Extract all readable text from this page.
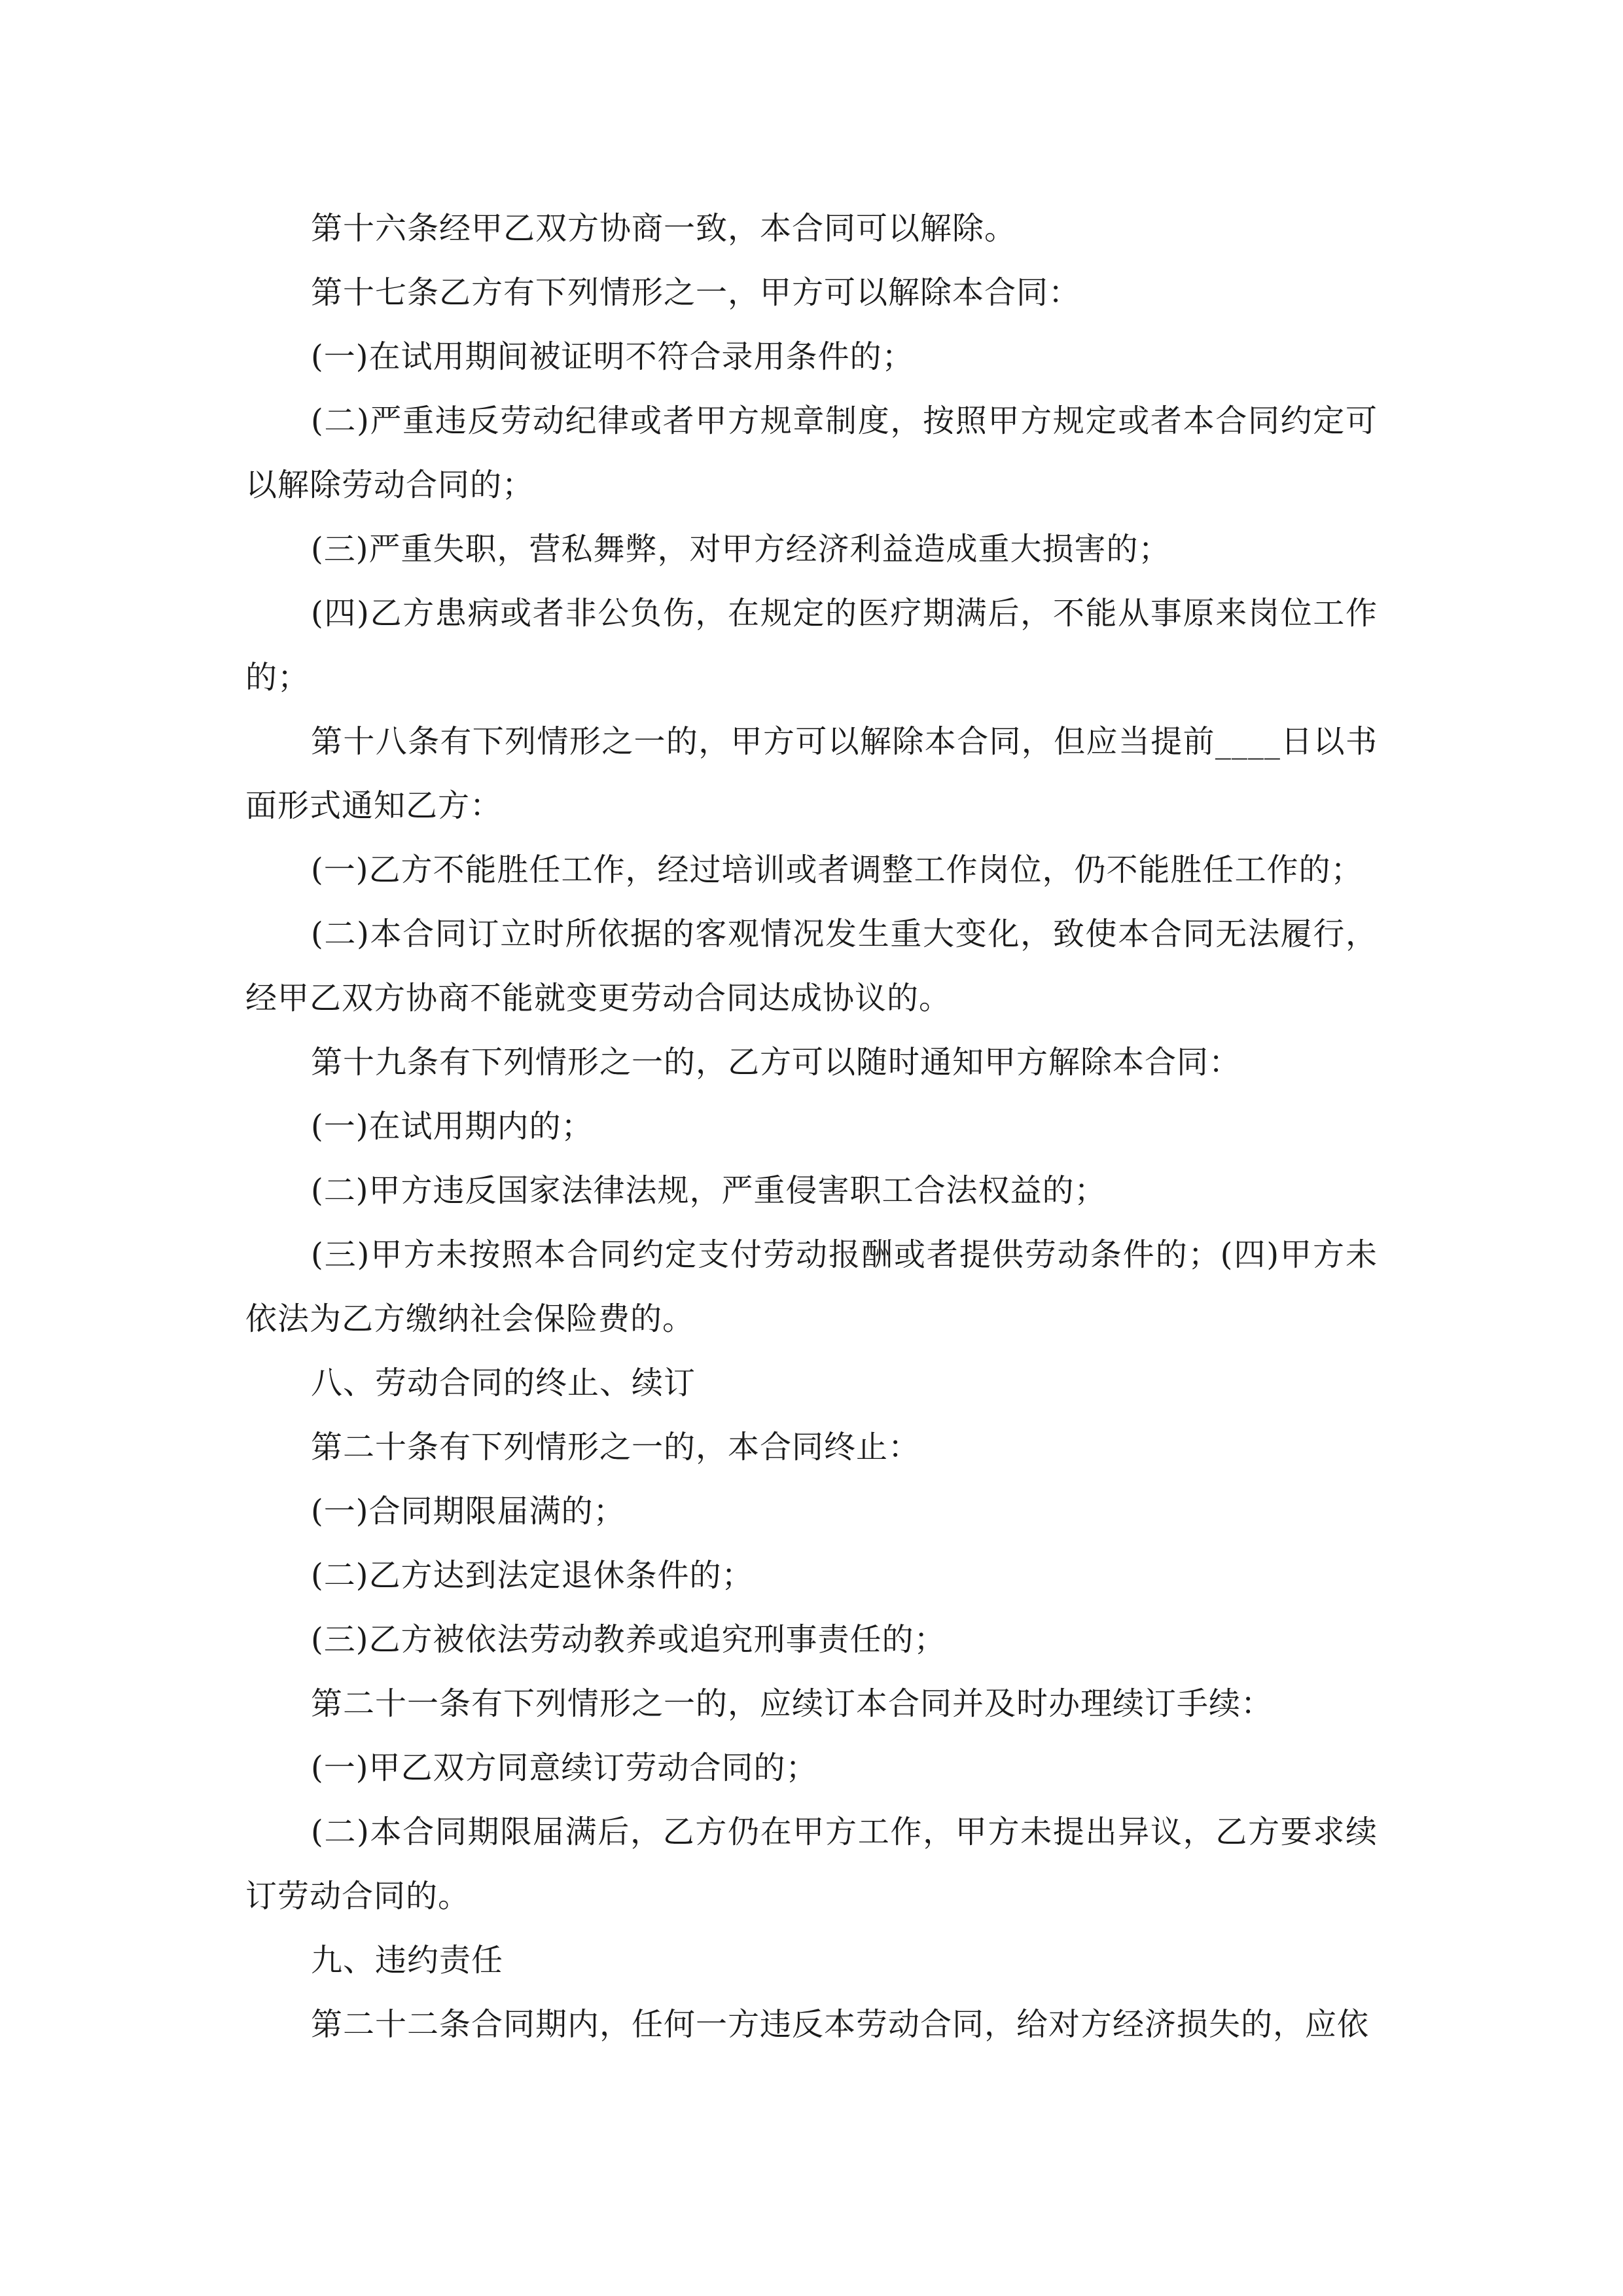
第十六条经甲乙双方协商一致，本合同可以解除。

第十七条乙方有下列情形之一，甲方可以解除本合同：

(一)在试用期间被证明不符合录用条件的；

(二)严重违反劳动纪律或者甲方规章制度，按照甲方规定或者本合同约定可以解除劳动合同的；

(三)严重失职，营私舞弊，对甲方经济利益造成重大损害的；

(四)乙方患病或者非公负伤，在规定的医疗期满后，不能从事原来岗位工作的；

第十八条有下列情形之一的，甲方可以解除本合同，但应当提前____日以书面形式通知乙方：

(一)乙方不能胜任工作，经过培训或者调整工作岗位，仍不能胜任工作的；

(二)本合同订立时所依据的客观情况发生重大变化，致使本合同无法履行，经甲乙双方协商不能就变更劳动合同达成协议的。

第十九条有下列情形之一的，乙方可以随时通知甲方解除本合同：

(一)在试用期内的；

(二)甲方违反国家法律法规，严重侵害职工合法权益的；

(三)甲方未按照本合同约定支付劳动报酬或者提供劳动条件的；(四)甲方未依法为乙方缴纳社会保险费的。

八、劳动合同的终止、续订

第二十条有下列情形之一的，本合同终止：

(一)合同期限届满的；

(二)乙方达到法定退休条件的；

(三)乙方被依法劳动教养或追究刑事责任的；

第二十一条有下列情形之一的，应续订本合同并及时办理续订手续：

(一)甲乙双方同意续订劳动合同的；

(二)本合同期限届满后，乙方仍在甲方工作，甲方未提出异议，乙方要求续订劳动合同的。

九、违约责任

第二十二条合同期内，任何一方违反本劳动合同，给对方经济损失的，应依
